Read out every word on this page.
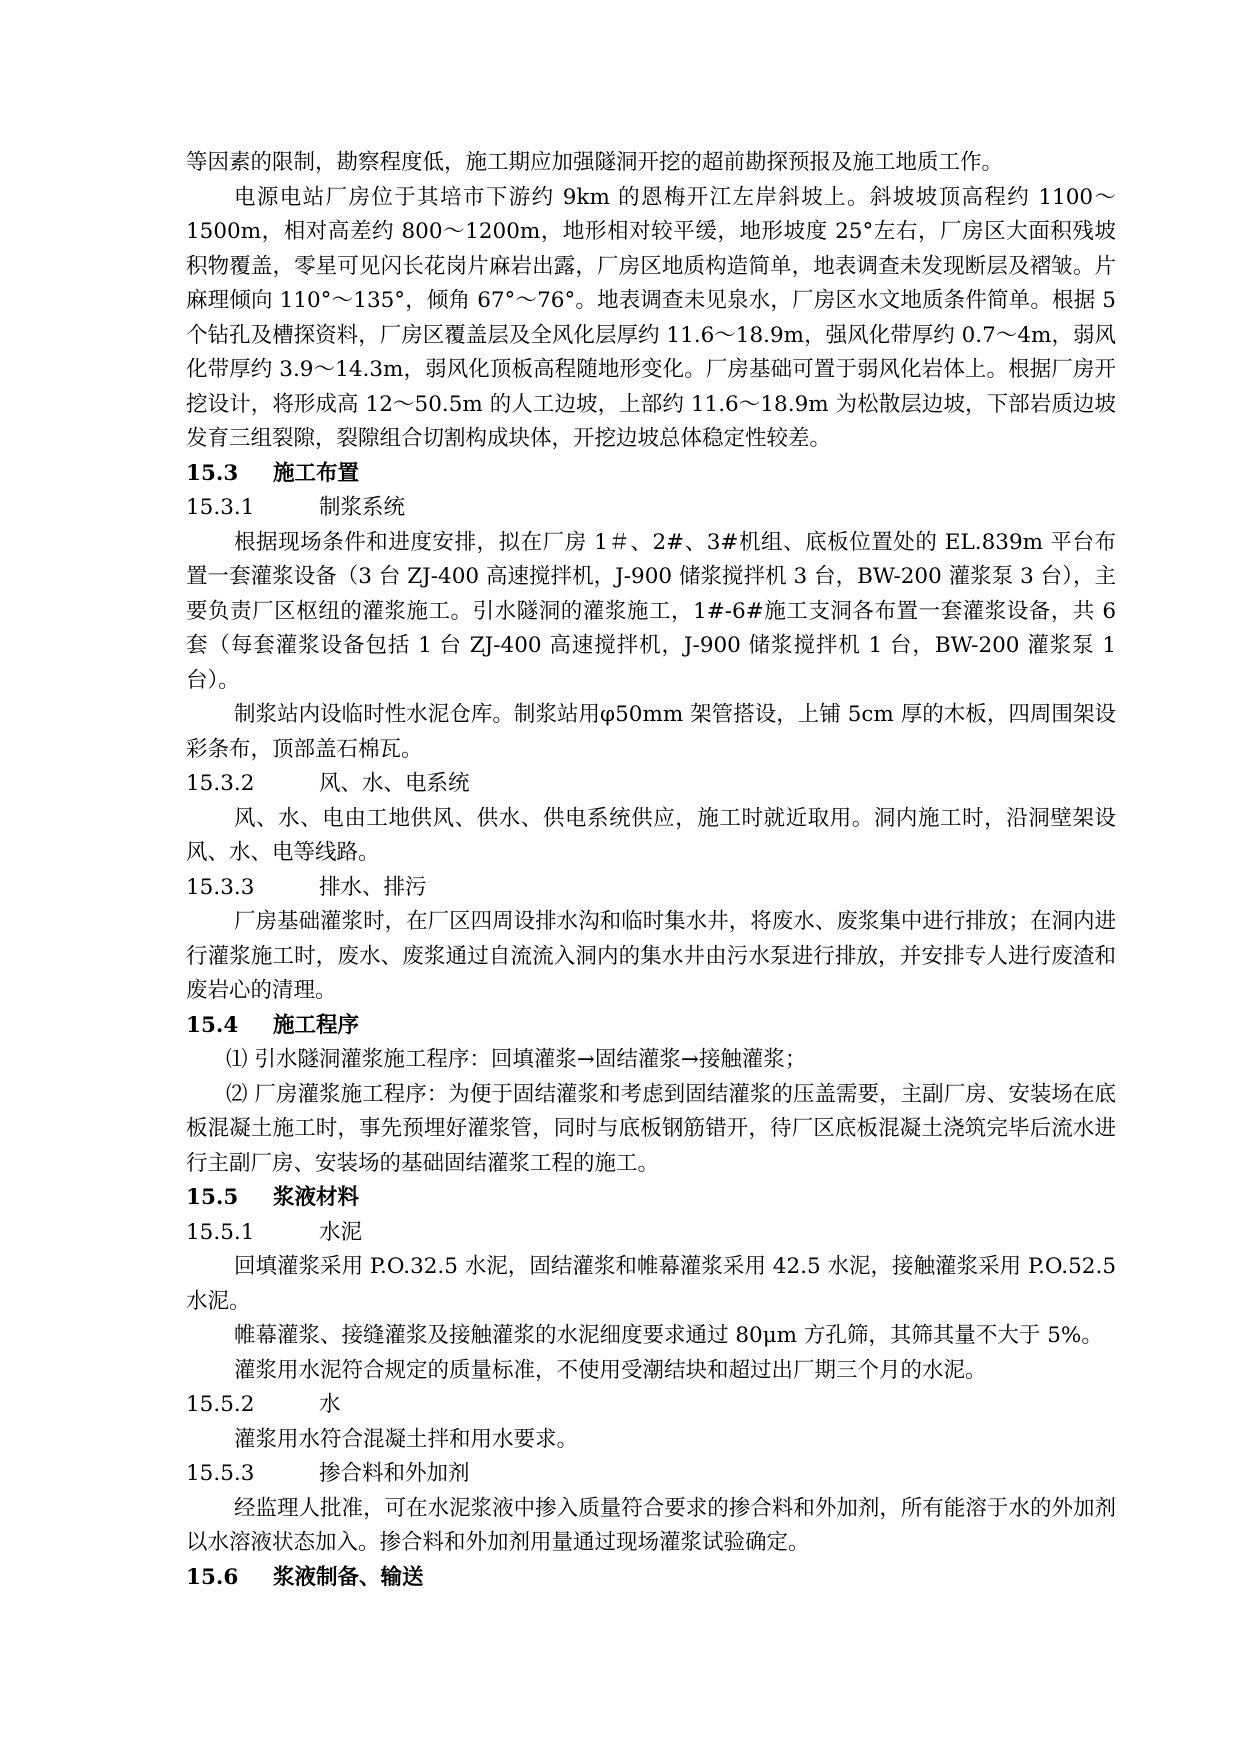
等因素的限制，勘察程度低，施工期应加强隧洞开挖的超前勘探预报及施工地质工作。

电源电站厂房位于其培市下游约 9km 的恩梅开江左岸斜坡上。斜坡坡顶高程约 1100～1500m，相对高差约 800～1200m，地形相对较平缓，地形坡度 25°左右，厂房区大面积残坡积物覆盖，零星可见闪长花岗片麻岩出露，厂房区地质构造简单，地表调查未发现断层及褶皱。片麻理倾向 110°～135°，倾角 67°～76°。地表调查未见泉水，厂房区水文地质条件简单。根据 5 个钻孔及槽探资料，厂房区覆盖层及全风化层厚约 11.6～18.9m，强风化带厚约 0.7～4m，弱风化带厚约 3.9～14.3m，弱风化顶板高程随地形变化。厂房基础可置于弱风化岩体上。根据厂房开挖设计，将形成高 12～50.5m 的人工边坡，上部约 11.6～18.9m 为松散层边坡，下部岩质边坡发育三组裂隙，裂隙组合切割构成块体，开挖边坡总体稳定性较差。

15.3 施工布置
15.3.1	制浆系统

根据现场条件和进度安排，拟在厂房 1＃、2#、3#机组、底板位置处的 EL.839m 平台布置一套灌浆设备（3 台 ZJ-400 高速搅拌机，J-900 储浆搅拌机 3 台，BW-200 灌浆泵 3 台），主要负责厂区枢纽的灌浆施工。引水隧洞的灌浆施工，1#-6#施工支洞各布置一套灌浆设备，共 6 套（每套灌浆设备包括 1 台 ZJ-400 高速搅拌机，J-900 储浆搅拌机 1 台，BW-200 灌浆泵 1 台）。

制浆站内设临时性水泥仓库。制浆站用φ50mm 架管搭设，上铺 5cm 厚的木板，四周围架设彩条布，顶部盖石棉瓦。

15.3.2	风、水、电系统

风、水、电由工地供风、供水、供电系统供应，施工时就近取用。洞内施工时，沿洞壁架设风、水、电等线路。

15.3.3	排水、排污

厂房基础灌浆时，在厂区四周设排水沟和临时集水井，将废水、废浆集中进行排放；在洞内进行灌浆施工时，废水、废浆通过自流流入洞内的集水井由污水泵进行排放，并安排专人进行废渣和废岩心的清理。

15.4 施工程序

⑴ 引水隧洞灌浆施工程序：回填灌浆→固结灌浆→接触灌浆；

⑵ 厂房灌浆施工程序：为便于固结灌浆和考虑到固结灌浆的压盖需要，主副厂房、安装场在底板混凝土施工时，事先预埋好灌浆管，同时与底板钢筋错开，待厂区底板混凝土浇筑完毕后流水进行主副厂房、安装场的基础固结灌浆工程的施工。

15.5 浆液材料
15.5.1	水泥

回填灌浆采用 P.O.32.5 水泥，固结灌浆和帷幕灌浆采用 42.5 水泥，接触灌浆采用 P.O.52.5 水泥。

帷幕灌浆、接缝灌浆及接触灌浆的水泥细度要求通过 80μm 方孔筛，其筛其量不大于 5%。

灌浆用水泥符合规定的质量标准，不使用受潮结块和超过出厂期三个月的水泥。

15.5.2	水

灌浆用水符合混凝土拌和用水要求。

15.5.3	掺合料和外加剂

经监理人批准，可在水泥浆液中掺入质量符合要求的掺合料和外加剂，所有能溶于水的外加剂以水溶液状态加入。掺合料和外加剂用量通过现场灌浆试验确定。

15.6 浆液制备、输送
